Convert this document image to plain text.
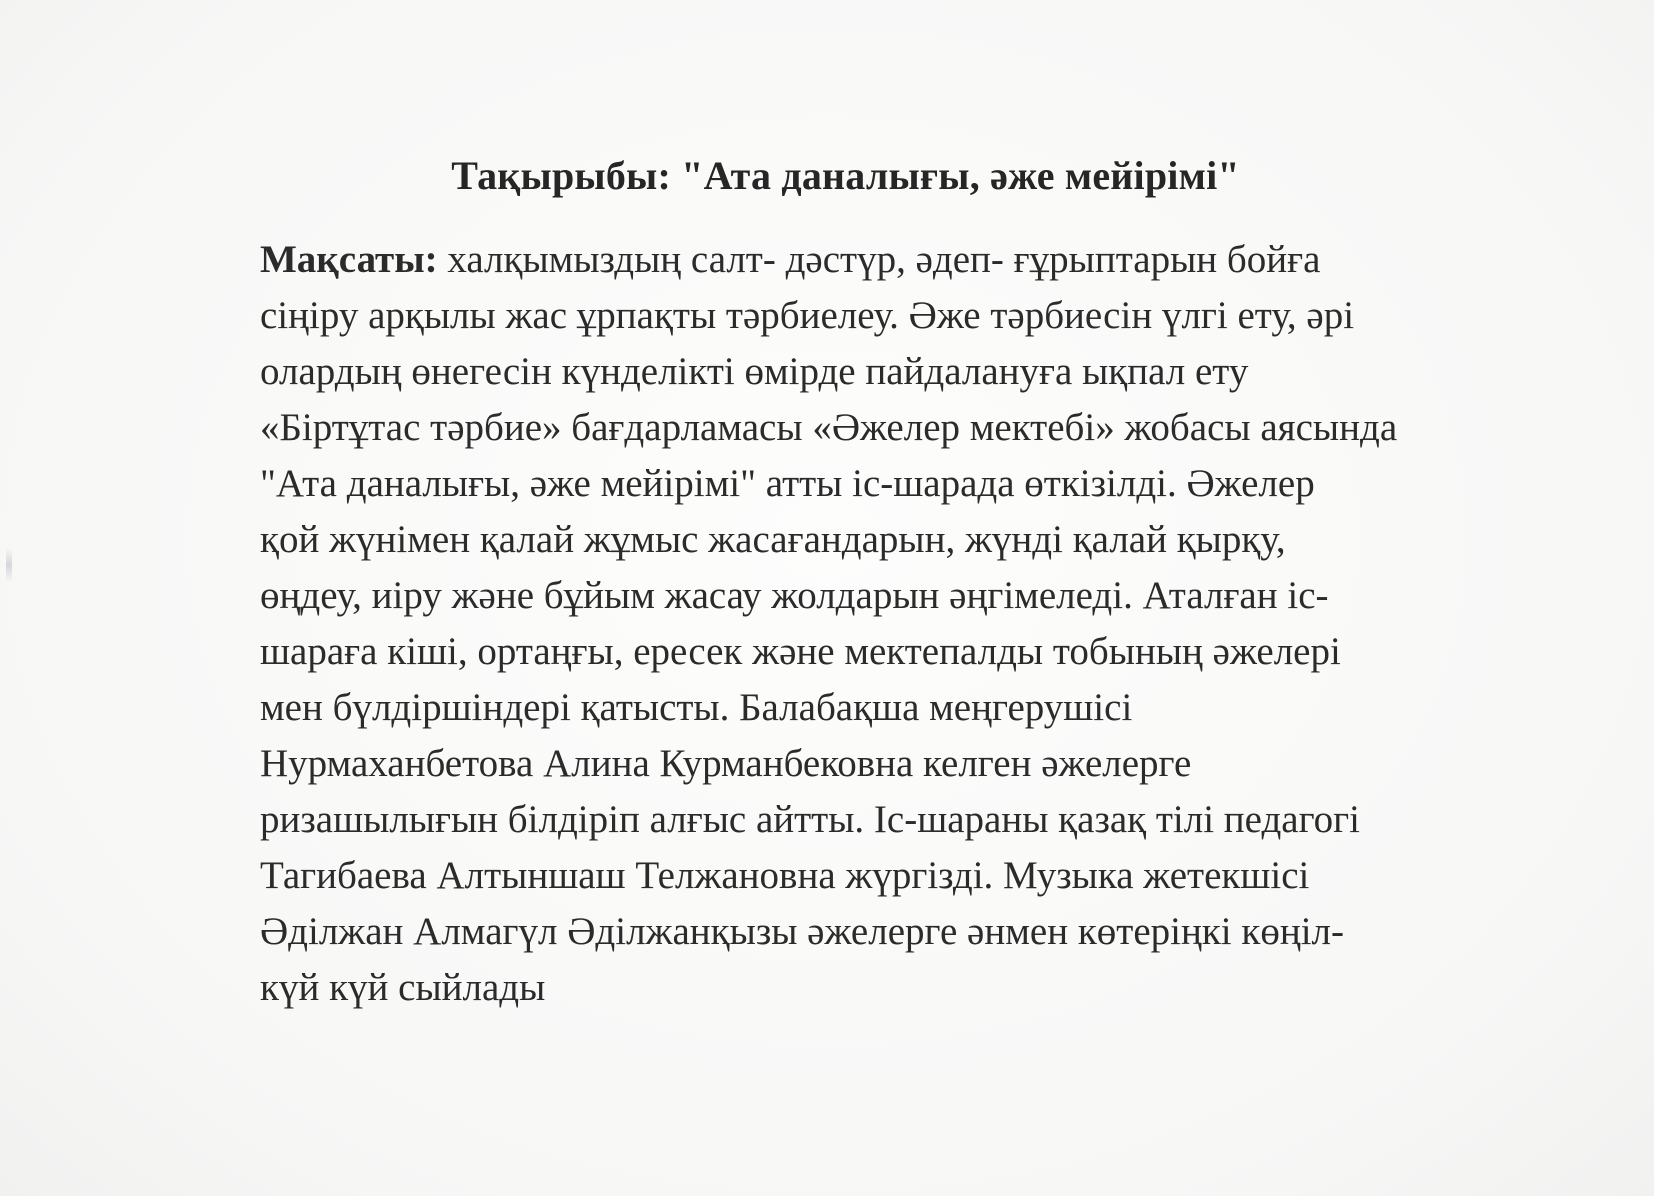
Тақырыбы: "Ата даналығы, әже мейірімі"
Мақсаты: халқымыздың салт- дәстүр, әдеп- ғұрыптарын бойға
сіңіру арқылы жас ұрпақты тәрбиелеу. Әже тәрбиесін үлгі ету, әрі
олардың өнегесін күнделікті өмірде пайдалануға ықпал ету
«Біртұтас тәрбие» бағдарламасы «Әжелер мектебі» жобасы аясында
"Ата даналығы, әже мейірімі" атты іс-шарада өткізілді. Әжелер
қой жүнімен қалай жұмыс жасағандарын, жүнді қалай қырқу,
өңдеу, иіру және бұйым жасау жолдарын әңгімеледі. Аталған іс-
шараға кіші, ортаңғы, ересек және мектепалды тобының әжелері
мен бүлдіршіндері қатысты. Балабақша меңгерушісі
Нурмаханбетова Алина Курманбековна келген әжелерге
ризашылығын білдіріп алғыс айтты. Іс-шараны қазақ тілі педагогі
Тагибаева Алтыншаш Телжановна жүргізді. Музыка жетекшісі
Әділжан Алмагүл Әділжанқызы әжелерге әнмен көтеріңкі көңіл-
күй күй сыйлады
